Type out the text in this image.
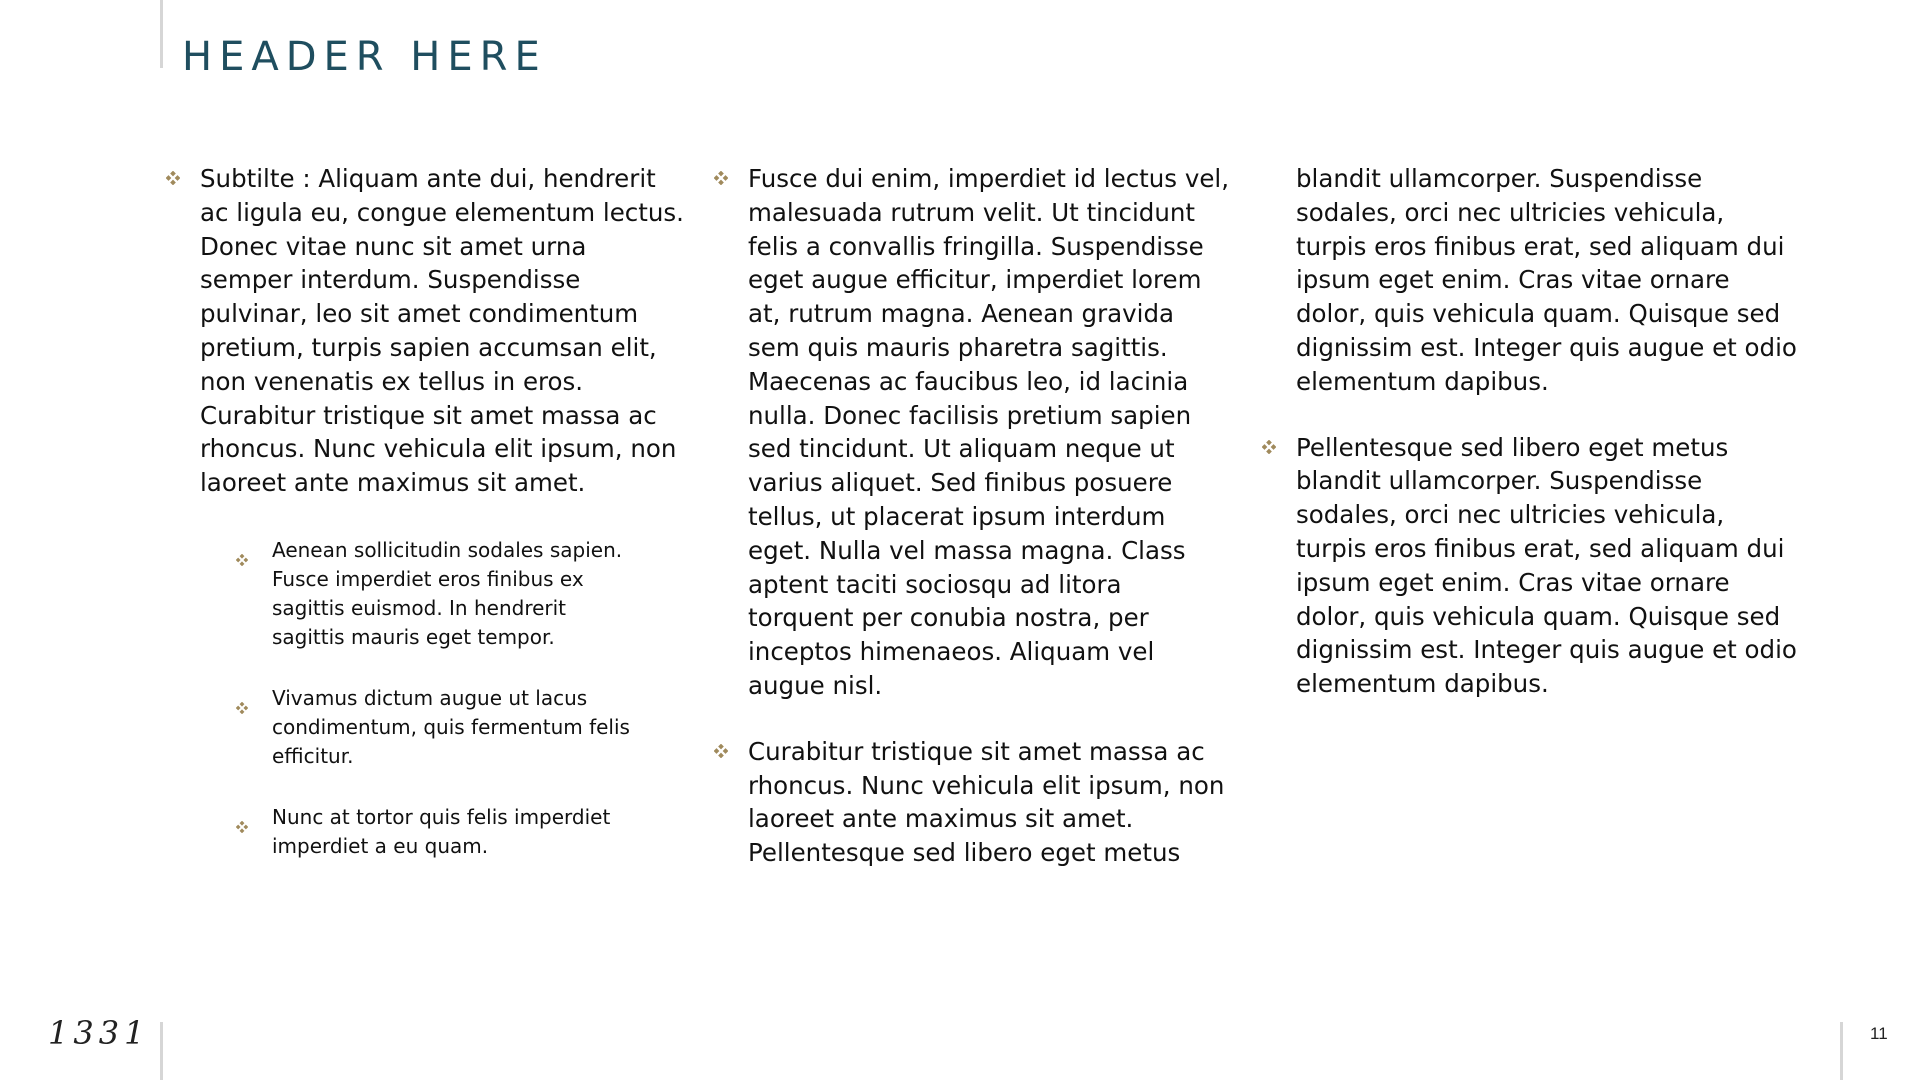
HEADER HERE
Subtilte : Aliquam ante dui, hendrerit ac ligula eu, congue elementum lectus. Donec vitae nunc sit amet urna semper interdum. Suspendisse pulvinar, leo sit amet condimentum pretium, turpis sapien accumsan elit, non venenatis ex tellus in eros. Curabitur tristique sit amet massa ac rhoncus. Nunc vehicula elit ipsum, non laoreet ante maximus sit amet.
Aenean sollicitudin sodales sapien. Fusce imperdiet eros finibus ex sagittis euismod. In hendrerit sagittis mauris eget tempor.
Vivamus dictum augue ut lacus condimentum, quis fermentum felis efficitur.
Nunc at tortor quis felis imperdiet imperdiet a eu quam.
Fusce dui enim, imperdiet id lectus vel, malesuada rutrum velit. Ut tincidunt felis a convallis fringilla. Suspendisse eget augue efficitur, imperdiet lorem at, rutrum magna. Aenean gravida sem quis mauris pharetra sagittis. Maecenas ac faucibus leo, id lacinia nulla. Donec facilisis pretium sapien sed tincidunt. Ut aliquam neque ut varius aliquet. Sed finibus posuere tellus, ut placerat ipsum interdum eget. Nulla vel massa magna. Class aptent taciti sociosqu ad litora torquent per conubia nostra, per inceptos himenaeos. Aliquam vel augue nisl.
Curabitur tristique sit amet massa ac rhoncus. Nunc vehicula elit ipsum, non laoreet ante maximus sit amet. Pellentesque sed libero eget metus
blandit ullamcorper. Suspendisse sodales, orci nec ultricies vehicula, turpis eros finibus erat, sed aliquam dui ipsum eget enim. Cras vitae ornare dolor, quis vehicula quam. Quisque sed dignissim est. Integer quis augue et odio elementum dapibus.
Pellentesque sed libero eget metus blandit ullamcorper. Suspendisse sodales, orci nec ultricies vehicula, turpis eros finibus erat, sed aliquam dui ipsum eget enim. Cras vitae ornare dolor, quis vehicula quam. Quisque sed dignissim est. Integer quis augue et odio elementum dapibus.
1331	11
